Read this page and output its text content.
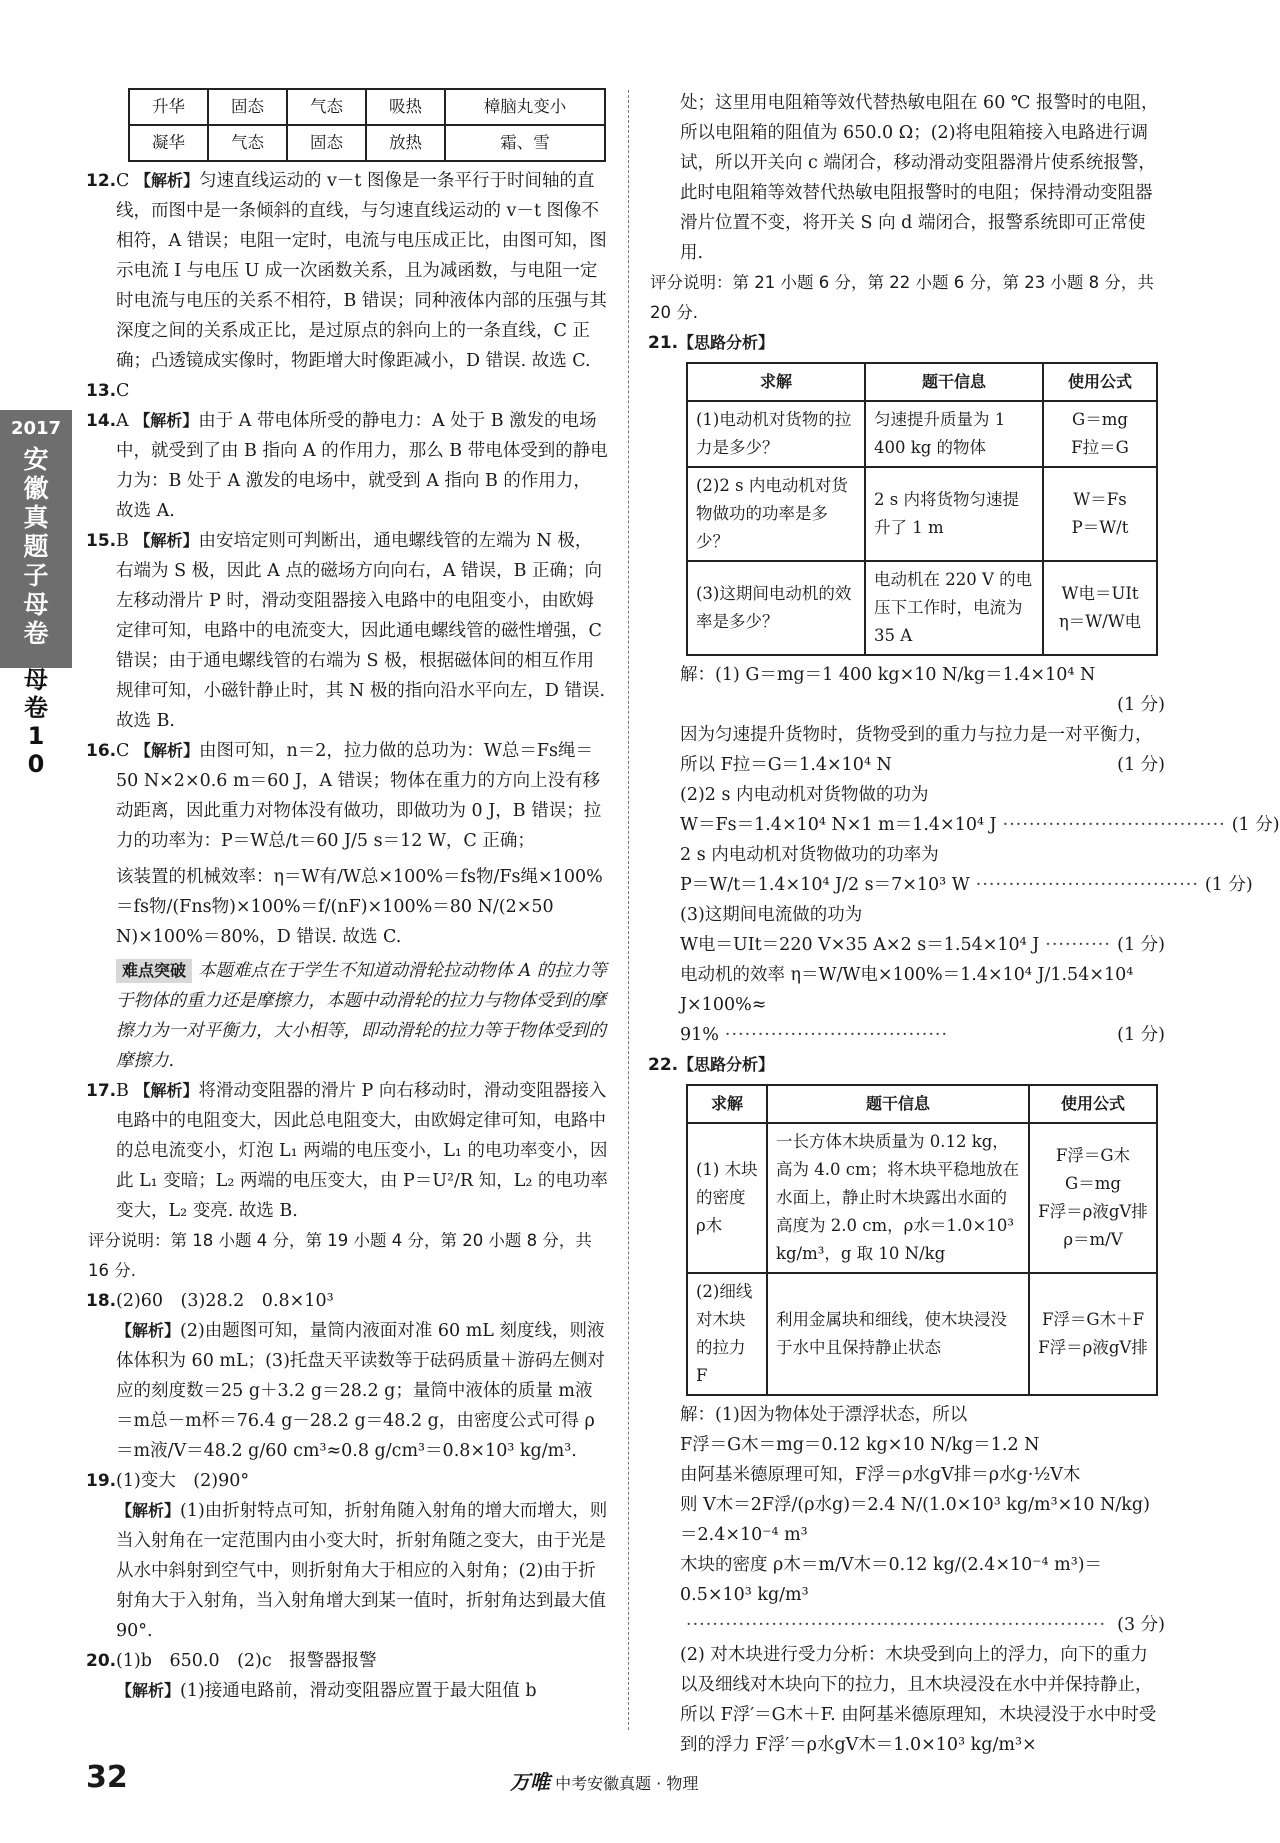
2017
安徽真题子母卷
母卷10
升华	固态	气态	吸热	樟脑丸变小
凝华	气态	固态	放热	霜、雪
12. C 【解析】匀速直线运动的 v－t 图像是一条平行于时间轴的直线，而图中是一条倾斜的直线，与匀速直线运动的 v－t 图像不相符，A 错误；电阻一定时，电流与电压成正比，由图可知，图示电流 I 与电压 U 成一次函数关系，且为减函数，与电阻一定时电流与电压的关系不相符，B 错误；同种液体内部的压强与其深度之间的关系成正比，是过原点的斜向上的一条直线，C 正确；凸透镜成实像时，物距增大时像距减小，D 错误. 故选 C.
13. C
14. A 【解析】由于 A 带电体所受的静电力：A 处于 B 激发的电场中，就受到了由 B 指向 A 的作用力，那么 B 带电体受到的静电力为：B 处于 A 激发的电场中，就受到 A 指向 B 的作用力，故选 A.
15. B 【解析】由安培定则可判断出，通电螺线管的左端为 N 极，右端为 S 极，因此 A 点的磁场方向向右，A 错误，B 正确；向左移动滑片 P 时，滑动变阻器接入电路中的电阻变小，由欧姆定律可知，电路中的电流变大，因此通电螺线管的磁性增强，C 错误；由于通电螺线管的右端为 S 极，根据磁体间的相互作用规律可知，小磁针静止时，其 N 极的指向沿水平向左，D 错误. 故选 B.
16. C 【解析】由图可知，n＝2，拉力做的总功为：W总＝Fs绳＝50 N×2×0.6 m＝60 J，A 错误；物体在重力的方向上没有移动距离，因此重力对物体没有做功，即做功为 0 J，B 错误；拉力的功率为：P＝W总/t＝60 J/5 s＝12 W，C 正确；
该装置的机械效率：η＝W有/W总×100%＝fs物/Fs绳×100%＝fs物/(Fns物)×100%＝f/(nF)×100%＝80 N/(2×50 N)×100%＝80%，D 错误. 故选 C.
难点突破 本题难点在于学生不知道动滑轮拉动物体 A 的拉力等于物体的重力还是摩擦力，本题中动滑轮的拉力与物体受到的摩擦力为一对平衡力，大小相等，即动滑轮的拉力等于物体受到的摩擦力.
17. B 【解析】将滑动变阻器的滑片 P 向右移动时，滑动变阻器接入电路中的电阻变大，因此总电阻变大，由欧姆定律可知，电路中的总电流变小，灯泡 L₁ 两端的电压变小，L₁ 的电功率变小，因此 L₁ 变暗；L₂ 两端的电压变大，由 P＝U²/R 知，L₂ 的电功率变大，L₂ 变亮. 故选 B.
评分说明：第 18 小题 4 分，第 19 小题 4 分，第 20 小题 8 分，共 16 分.
18. (2)60　(3)28.2　0.8×10³
【解析】(2)由题图可知，量筒内液面对准 60 mL 刻度线，则液体体积为 60 mL；(3)托盘天平读数等于砝码质量＋游码左侧对应的刻度数＝25 g＋3.2 g＝28.2 g；量筒中液体的质量 m液＝m总－m杯＝76.4 g－28.2 g＝48.2 g，由密度公式可得 ρ＝m液/V＝48.2 g/60 cm³≈0.8 g/cm³＝0.8×10³ kg/m³.
19. (1)变大　(2)90°
【解析】(1)由折射特点可知，折射角随入射角的增大而增大，则当入射角在一定范围内由小变大时，折射角随之变大，由于光是从水中斜射到空气中，则折射角大于相应的入射角；(2)由于折射角大于入射角，当入射角增大到某一值时，折射角达到最大值 90°.
20. (1)b　650.0　(2)c　报警器报警
【解析】(1)接通电路前，滑动变阻器应置于最大阻值 b
处；这里用电阻箱等效代替热敏电阻在 60 ℃ 报警时的电阻，所以电阻箱的阻值为 650.0 Ω；(2)将电阻箱接入电路进行调试，所以开关向 c 端闭合，移动滑动变阻器滑片使系统报警，此时电阻箱等效替代热敏电阻报警时的电阻；保持滑动变阻器滑片位置不变，将开关 S 向 d 端闭合，报警系统即可正常使用.
评分说明：第 21 小题 6 分，第 22 小题 6 分，第 23 小题 8 分，共 20 分.
21. 【思路分析】
求解	题干信息	使用公式
(1)电动机对货物的拉力是多少？	匀速提升质量为 1 400 kg 的物体	G＝mg
F拉＝G
(2)2 s 内电动机对货物做功的功率是多少？	2 s 内将货物匀速提升了 1 m	W＝Fs
P＝W/t
(3)这期间电动机的效率是多少？	电动机在 220 V 的电压下工作时，电流为 35 A	W电＝UIt
η＝W/W电
解：(1) G＝mg＝1 400 kg×10 N/kg＝1.4×10⁴ N
(1 分)
因为匀速提升货物时，货物受到的重力与拉力是一对平衡力，所以 F拉＝G＝1.4×10⁴ N	(1 分)
(2)2 s 内电动机对货物做的功为
W＝Fs＝1.4×10⁴ N×1 m＝1.4×10⁴ J ·································· (1 分)
2 s 内电动机对货物做功的功率为
P＝W/t＝1.4×10⁴ J/2 s＝7×10³ W ·································· (1 分)
(3)这期间电流做的功为
W电＝UIt＝220 V×35 A×2 s＝1.54×10⁴ J ·········· (1 分)
电动机的效率 η＝W/W电×100%＝1.4×10⁴ J/1.54×10⁴ J×100%≈
91% ··································	(1 分)
22. 【思路分析】
求解	题干信息	使用公式
(1) 木块的密度 ρ木	一长方体木块质量为 0.12 kg，高为 4.0 cm；将木块平稳地放在水面上，静止时木块露出水面的高度为 2.0 cm，ρ水＝1.0×10³ kg/m³，g 取 10 N/kg	F浮＝G木
G＝mg
F浮＝ρ液gV排
ρ＝m/V
(2)细线对木块的拉力 F	利用金属块和细线，使木块浸没于水中且保持静止状态	F浮＝G木＋F
F浮＝ρ液gV排
解：(1)因为物体处于漂浮状态，所以
F浮＝G木＝mg＝0.12 kg×10 N/kg＝1.2 N
由阿基米德原理可知，F浮＝ρ水gV排＝ρ水g·½V木
则 V木＝2F浮/(ρ水g)＝2.4 N/(1.0×10³ kg/m³×10 N/kg)＝2.4×10⁻⁴ m³
木块的密度 ρ木＝m/V木＝0.12 kg/(2.4×10⁻⁴ m³)＝0.5×10³ kg/m³
································································ (3 分)
(2) 对木块进行受力分析：木块受到向上的浮力，向下的重力以及细线对木块向下的拉力，且木块浸没在水中并保持静止，所以 F浮′＝G木＋F. 由阿基米德原理知，木块浸没于水中时受到的浮力 F浮′＝ρ水gV木＝1.0×10³ kg/m³×
32	万唯 中考安徽真题 · 物理
